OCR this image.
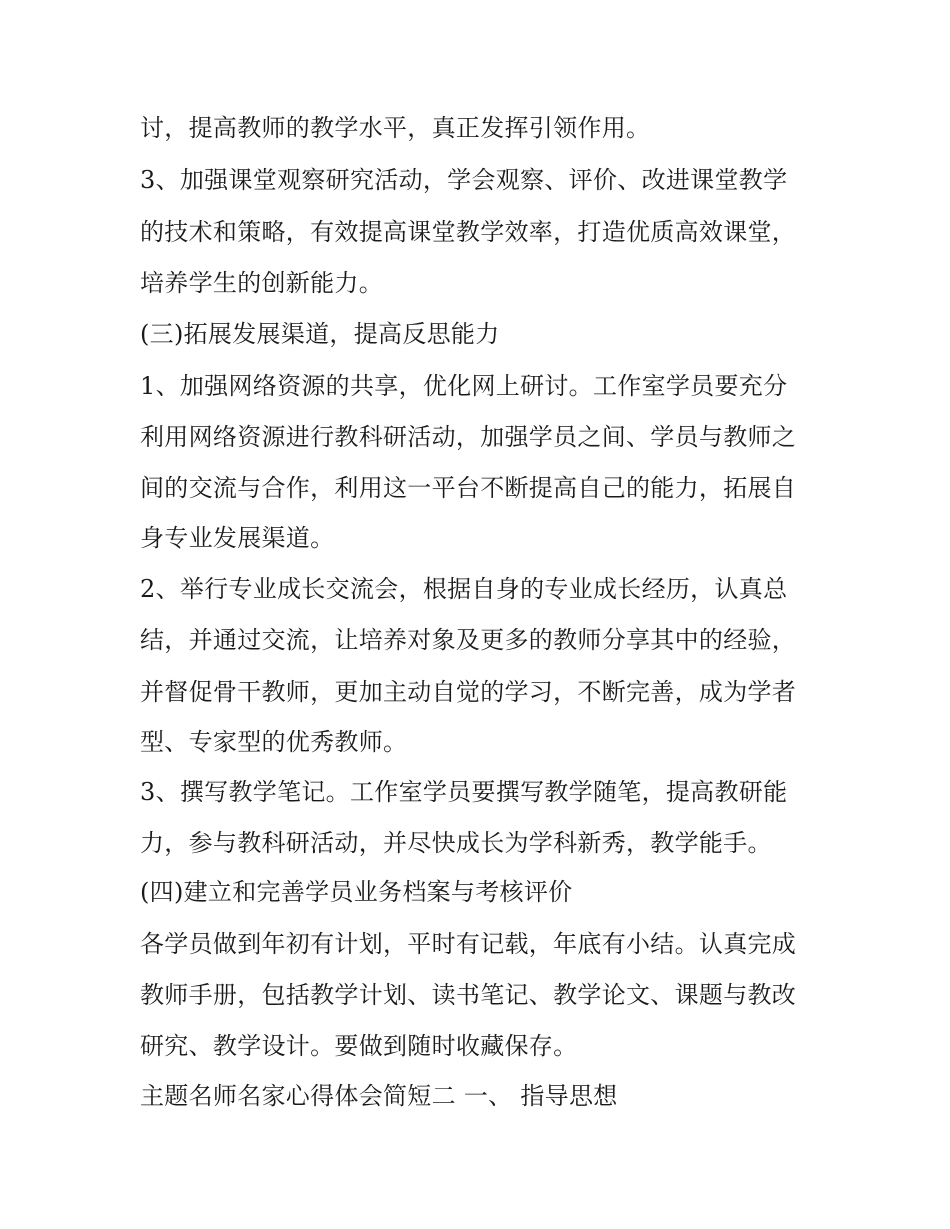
讨，提高教师的教学水平，真正发挥引领作用。
3、加强课堂观察研究活动，学会观察、评价、改进课堂教学
的技术和策略，有效提高课堂教学效率，打造优质高效课堂，
培养学生的创新能力。
(三)拓展发展渠道，提高反思能力
1、加强网络资源的共享，优化网上研讨。工作室学员要充分
利用网络资源进行教科研活动，加强学员之间、学员与教师之
间的交流与合作，利用这一平台不断提高自己的能力，拓展自
身专业发展渠道。
2、举行专业成长交流会，根据自身的专业成长经历，认真总
结，并通过交流，让培养对象及更多的教师分享其中的经验，
并督促骨干教师，更加主动自觉的学习，不断完善，成为学者
型、专家型的优秀教师。
3、撰写教学笔记。工作室学员要撰写教学随笔，提高教研能
力，参与教科研活动，并尽快成长为学科新秀，教学能手。
(四)建立和完善学员业务档案与考核评价
各学员做到年初有计划，平时有记载，年底有小结。认真完成
教师手册，包括教学计划、读书笔记、教学论文、课题与教改
研究、教学设计。要做到随时收藏保存。
主题名师名家心得体会简短二 一、 指导思想
